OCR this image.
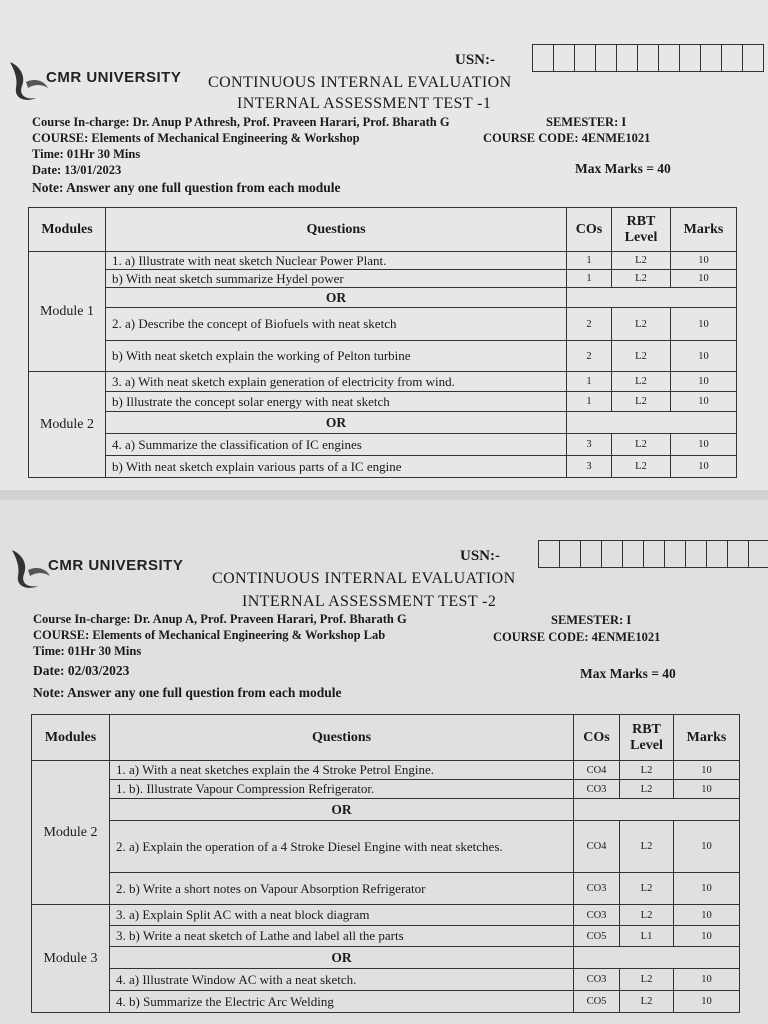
CMR UNIVERSITY

USN:-
CONTINUOUS INTERNAL EVALUATION
INTERNAL ASSESSMENT TEST -1
Course In-charge: Dr. Anup P Athresh, Prof. Praveen Harari, Prof. Bharath G	SEMESTER: I
COURSE: Elements of Mechanical Engineering & Workshop	COURSE CODE: 4ENME1021
Time: 01Hr 30 Mins
Date: 13/01/2023	Max Marks = 40
Note: Answer any one full question from each module
Modules	Questions	COs	RBT Level	Marks
Module 1	1. a) Illustrate with neat sketch Nuclear Power Plant.	1	L2	10
	b) With neat sketch summarize Hydel power	1	L2	10
	OR			
	2. a) Describe the concept of Biofuels with neat sketch	2	L2	10
	b) With neat sketch explain the working of Pelton turbine	2	L2	10
Module 2	3. a) With neat sketch explain generation of electricity from wind.	1	L2	10
	b) Illustrate the concept solar energy with neat sketch	1	L2	10
	OR			
	4. a) Summarize the classification of IC engines	3	L2	10
	b) With neat sketch explain various parts of a IC engine	3	L2	10
CMR UNIVERSITY

USN:-
CONTINUOUS INTERNAL EVALUATION
INTERNAL ASSESSMENT TEST -2
Course In-charge: Dr. Anup A, Prof. Praveen Harari, Prof. Bharath G	SEMESTER: I
COURSE: Elements of Mechanical Engineering & Workshop Lab	COURSE CODE: 4ENME1021
Time: 01Hr 30 Mins
Date: 02/03/2023	Max Marks = 40
Note: Answer any one full question from each module
Modules	Questions	COs	RBT Level	Marks
Module 2	1. a) With a neat sketches explain the 4 Stroke Petrol Engine.	CO4	L2	10
	1. b). Illustrate Vapour Compression Refrigerator.	CO3	L2	10
	OR			
	2. a) Explain the operation of a 4 Stroke Diesel Engine with neat sketches.	CO4	L2	10
	2. b) Write a short notes on Vapour Absorption Refrigerator	CO3	L2	10
Module 3	3. a) Explain Split AC with a neat block diagram	CO3	L2	10
	3. b) Write a neat sketch of Lathe and label all the parts	CO5	L1	10
	OR			
	4. a) Illustrate Window AC with a neat sketch.	CO3	L2	10
	4. b) Summarize the Electric Arc Welding	CO5	L2	10
